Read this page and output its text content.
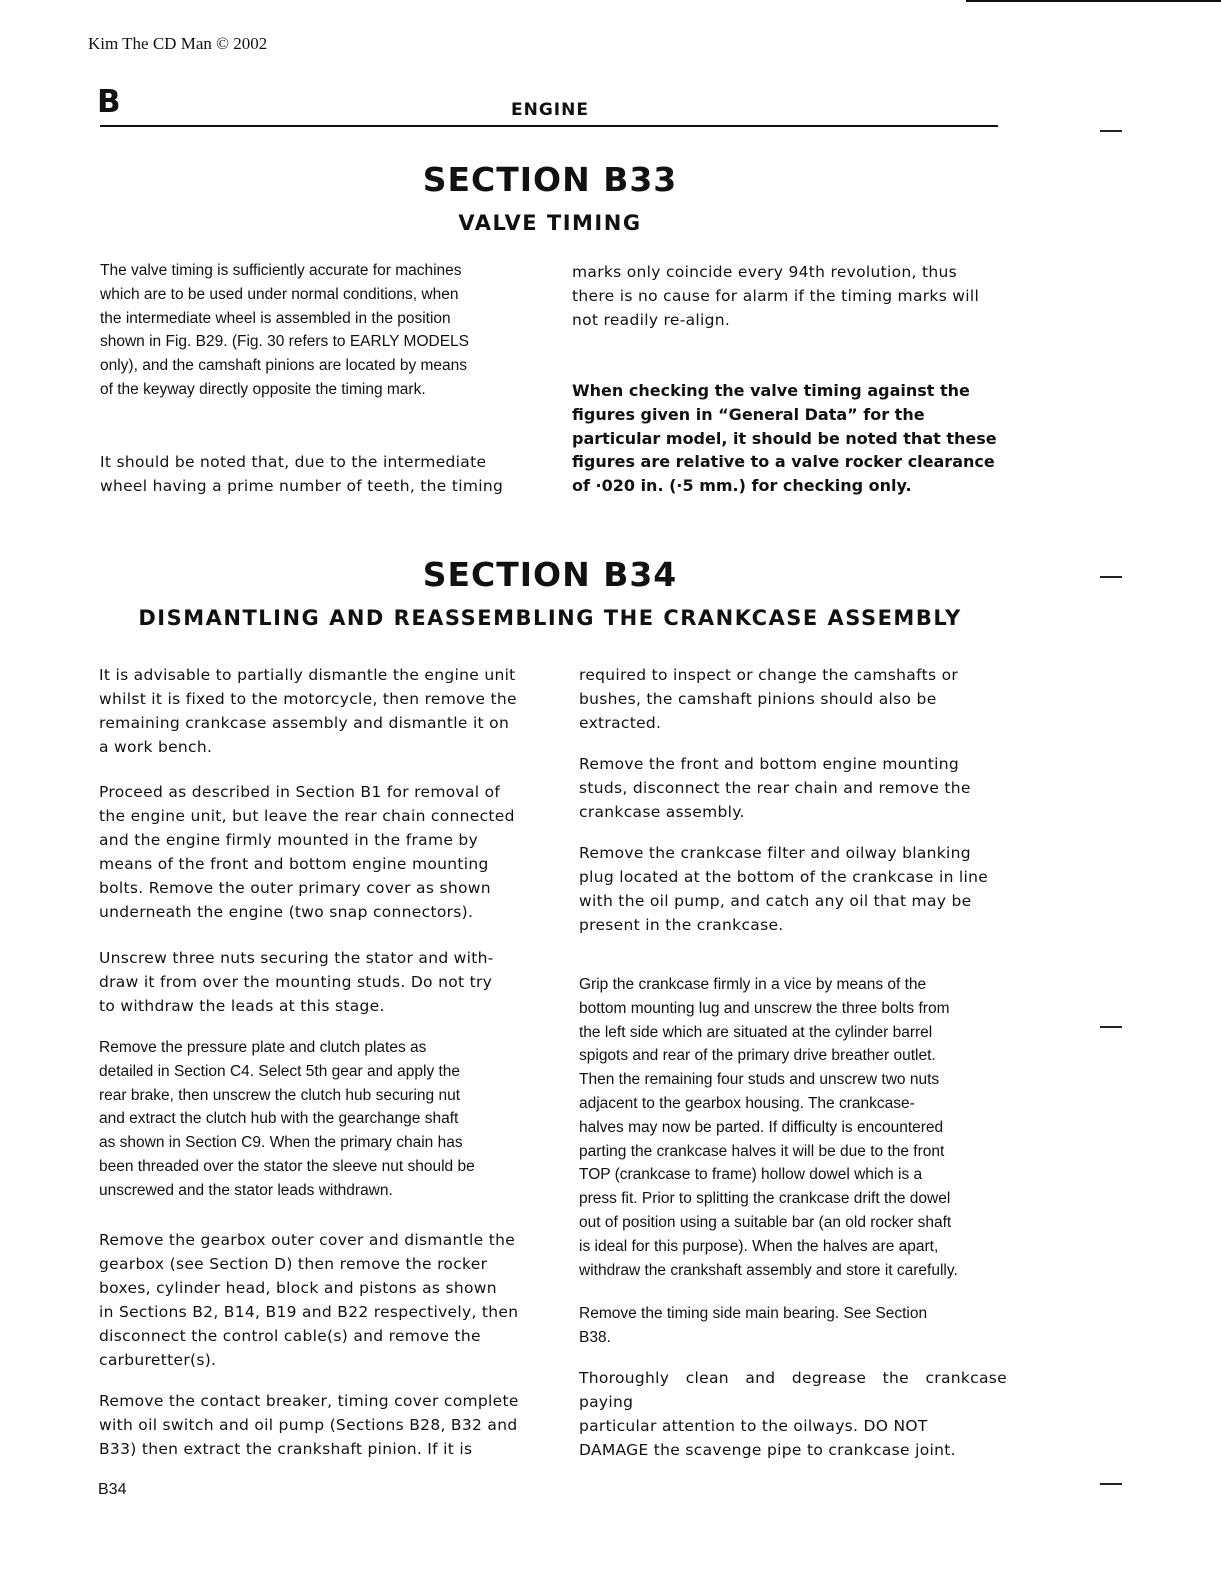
Kim The CD Man © 2002
B	ENGINE
SECTION B33
VALVE TIMING

The valve timing is sufficiently accurate for machines
which are to be used under normal conditions, when
the intermediate wheel is assembled in the position
shown in Fig. B29. (Fig. 30 refers to EARLY MODELS
only), and the camshaft pinions are located by means
of the keyway directly opposite the timing mark.

It should be noted that, due to the intermediate
wheel having a prime number of teeth, the timing

marks only coincide every 94th revolution, thus
there is no cause for alarm if the timing marks will
not readily re-align.

When checking the valve timing against the
figures given in “General Data” for the
particular model, it should be noted that these
figures are relative to a valve rocker clearance
of ·020 in. (·5 mm.) for checking only.

SECTION B34
DISMANTLING AND REASSEMBLING THE CRANKCASE ASSEMBLY

It is advisable to partially dismantle the engine unit
whilst it is fixed to the motorcycle, then remove the
remaining crankcase assembly and dismantle it on
a work bench.

Proceed as described in Section B1 for removal of
the engine unit, but leave the rear chain connected
and the engine firmly mounted in the frame by
means of the front and bottom engine mounting
bolts. Remove the outer primary cover as shown
underneath the engine (two snap connectors).

Unscrew three nuts securing the stator and with-
draw it from over the mounting studs. Do not try
to withdraw the leads at this stage.

Remove the pressure plate and clutch plates as
detailed in Section C4. Select 5th gear and apply the
rear brake, then unscrew the clutch hub securing nut
and extract the clutch hub with the gearchange shaft
as shown in Section C9. When the primary chain has
been threaded over the stator the sleeve nut should be
unscrewed and the stator leads withdrawn.

Remove the gearbox outer cover and dismantle the
gearbox (see Section D) then remove the rocker
boxes, cylinder head, block and pistons as shown
in Sections B2, B14, B19 and B22 respectively, then
disconnect the control cable(s) and remove the
carburetter(s).

Remove the contact breaker, timing cover complete
with oil switch and oil pump (Sections B28, B32 and
B33) then extract the crankshaft pinion. If it is

required to inspect or change the camshafts or
bushes, the camshaft pinions should also be
extracted.

Remove the front and bottom engine mounting
studs, disconnect the rear chain and remove the
crankcase assembly.

Remove the crankcase filter and oilway blanking
plug located at the bottom of the crankcase in line
with the oil pump, and catch any oil that may be
present in the crankcase.

Grip the crankcase firmly in a vice by means of the
bottom mounting lug and unscrew the three bolts from
the left side which are situated at the cylinder barrel
spigots and rear of the primary drive breather outlet.
Then the remaining four studs and unscrew two nuts
adjacent to the gearbox housing. The crankcase-
halves may now be parted. If difficulty is encountered
parting the crankcase halves it will be due to the front
TOP (crankcase to frame) hollow dowel which is a
press fit. Prior to splitting the crankcase drift the dowel
out of position using a suitable bar (an old rocker shaft
is ideal for this purpose). When the halves are apart,
withdraw the crankshaft assembly and store it carefully.

Remove the timing side main bearing. See Section
B38.

Thoroughly clean and degrease the crankcase paying
particular attention to the oilways. DO NOT
DAMAGE the scavenge pipe to crankcase joint.

B34
